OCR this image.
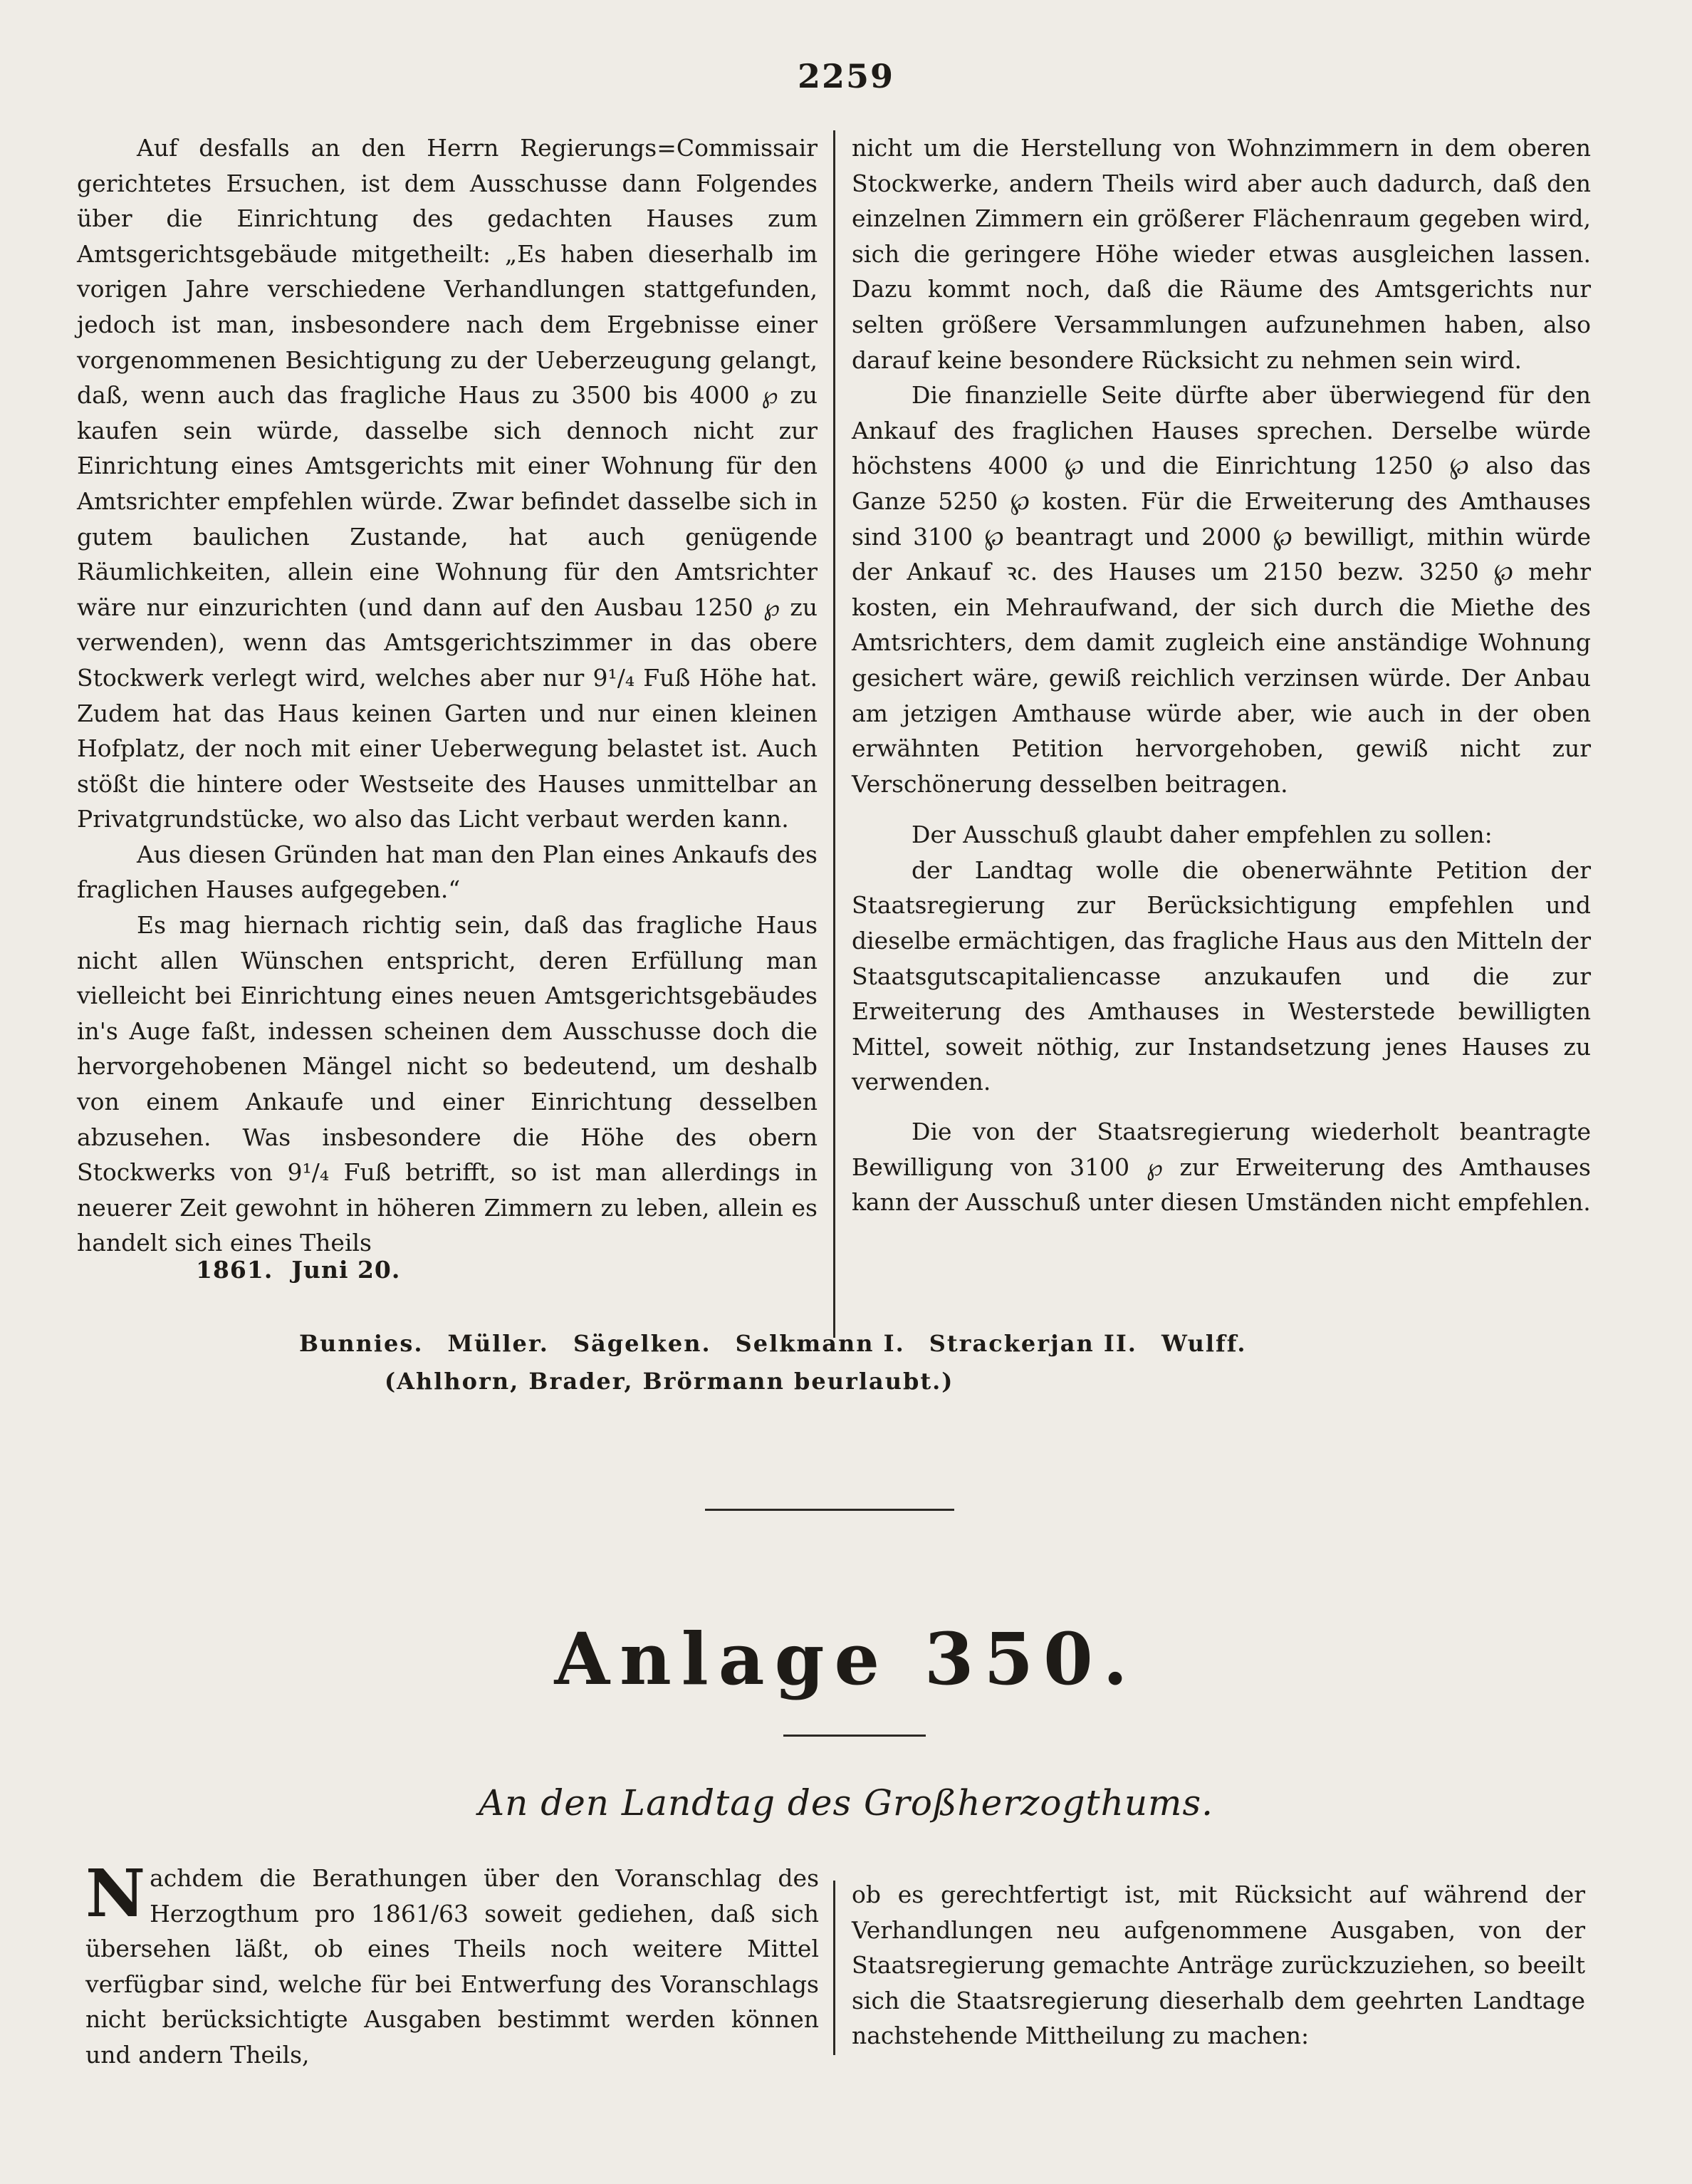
2259

Auf desfalls an den Herrn Regierungs=Commissair gerichtetes Ersuchen, ist dem Ausschusse dann Folgendes über die Einrichtung des gedachten Hauses zum Amtsgerichtsgebäude mitgetheilt: „Es haben dieserhalb im vorigen Jahre verschiedene Verhandlungen stattgefunden, jedoch ist man, insbesondere nach dem Ergebnisse einer vorgenommenen Besichtigung zu der Ueberzeugung gelangt, daß, wenn auch das fragliche Haus zu 3500 bis 4000 ℘ zu kaufen sein würde, dasselbe sich dennoch nicht zur Einrichtung eines Amtsgerichts mit einer Wohnung für den Amtsrichter empfehlen würde. Zwar befindet dasselbe sich in gutem baulichen Zustande, hat auch genügende Räumlichkeiten, allein eine Wohnung für den Amtsrichter wäre nur einzurichten (und dann auf den Ausbau 1250 ℘ zu verwenden), wenn das Amtsgerichtszimmer in das obere Stockwerk verlegt wird, welches aber nur 9¹/₄ Fuß Höhe hat. Zudem hat das Haus keinen Garten und nur einen kleinen Hofplatz, der noch mit einer Ueberwegung belastet ist. Auch stößt die hintere oder Westseite des Hauses unmittelbar an Privatgrundstücke, wo also das Licht verbaut werden kann.

Aus diesen Gründen hat man den Plan eines Ankaufs des fraglichen Hauses aufgegeben.“

Es mag hiernach richtig sein, daß das fragliche Haus nicht allen Wünschen entspricht, deren Erfüllung man vielleicht bei Einrichtung eines neuen Amtsgerichtsgebäudes in's Auge faßt, indessen scheinen dem Ausschusse doch die hervorgehobenen Mängel nicht so bedeutend, um deshalb von einem Ankaufe und einer Einrichtung desselben abzusehen. Was insbesondere die Höhe des obern Stockwerks von 9¹/₄ Fuß betrifft, so ist man allerdings in neuerer Zeit gewohnt in höheren Zimmern zu leben, allein es handelt sich eines Theils

nicht um die Herstellung von Wohnzimmern in dem oberen Stockwerke, andern Theils wird aber auch dadurch, daß den einzelnen Zimmern ein größerer Flächenraum gegeben wird, sich die geringere Höhe wieder etwas ausgleichen lassen. Dazu kommt noch, daß die Räume des Amtsgerichts nur selten größere Versammlungen aufzunehmen haben, also darauf keine besondere Rücksicht zu nehmen sein wird.

Die finanzielle Seite dürfte aber überwiegend für den Ankauf des fraglichen Hauses sprechen. Derselbe würde höchstens 4000 ℘ und die Einrichtung 1250 ℘ also das Ganze 5250 ℘ kosten. Für die Erweiterung des Amthauses sind 3100 ℘ beantragt und 2000 ℘ bewilligt, mithin würde der Ankauf ꝛc. des Hauses um 2150 bezw. 3250 ℘ mehr kosten, ein Mehraufwand, der sich durch die Miethe des Amtsrichters, dem damit zugleich eine anständige Wohnung gesichert wäre, gewiß reichlich verzinsen würde. Der Anbau am jetzigen Amthause würde aber, wie auch in der oben erwähnten Petition hervorgehoben, gewiß nicht zur Verschönerung desselben beitragen.

Der Ausschuß glaubt daher empfehlen zu sollen:

der Landtag wolle die obenerwähnte Petition der Staatsregierung zur Berücksichtigung empfehlen und dieselbe ermächtigen, das fragliche Haus aus den Mitteln der Staatsgutscapitaliencasse anzukaufen und die zur Erweiterung des Amthauses in Westerstede bewilligten Mittel, soweit nöthig, zur Instandsetzung jenes Hauses zu verwenden.

Die von der Staatsregierung wiederholt beantragte Bewilligung von 3100 ℘ zur Erweiterung des Amthauses kann der Ausschuß unter diesen Umständen nicht empfehlen.

1861. Juni 20.
Bunnies. Müller. Sägelken. Selkmann I. Strackerjan II. Wulff.
(Ahlhorn, Brader, Brörmann beurlaubt.)
Anlage 350.
An den Landtag des Großherzogthums.

Nachdem die Berathungen über den Voranschlag des Herzogthum pro 1861/63 soweit gediehen, daß sich übersehen läßt, ob eines Theils noch weitere Mittel verfügbar sind, welche für bei Entwerfung des Voranschlags nicht berücksichtigte Ausgaben bestimmt werden können und andern Theils,

ob es gerechtfertigt ist, mit Rücksicht auf während der Verhandlungen neu aufgenommene Ausgaben, von der Staatsregierung gemachte Anträge zurückzuziehen, so beeilt sich die Staatsregierung dieserhalb dem geehrten Landtage nachstehende Mittheilung zu machen:
